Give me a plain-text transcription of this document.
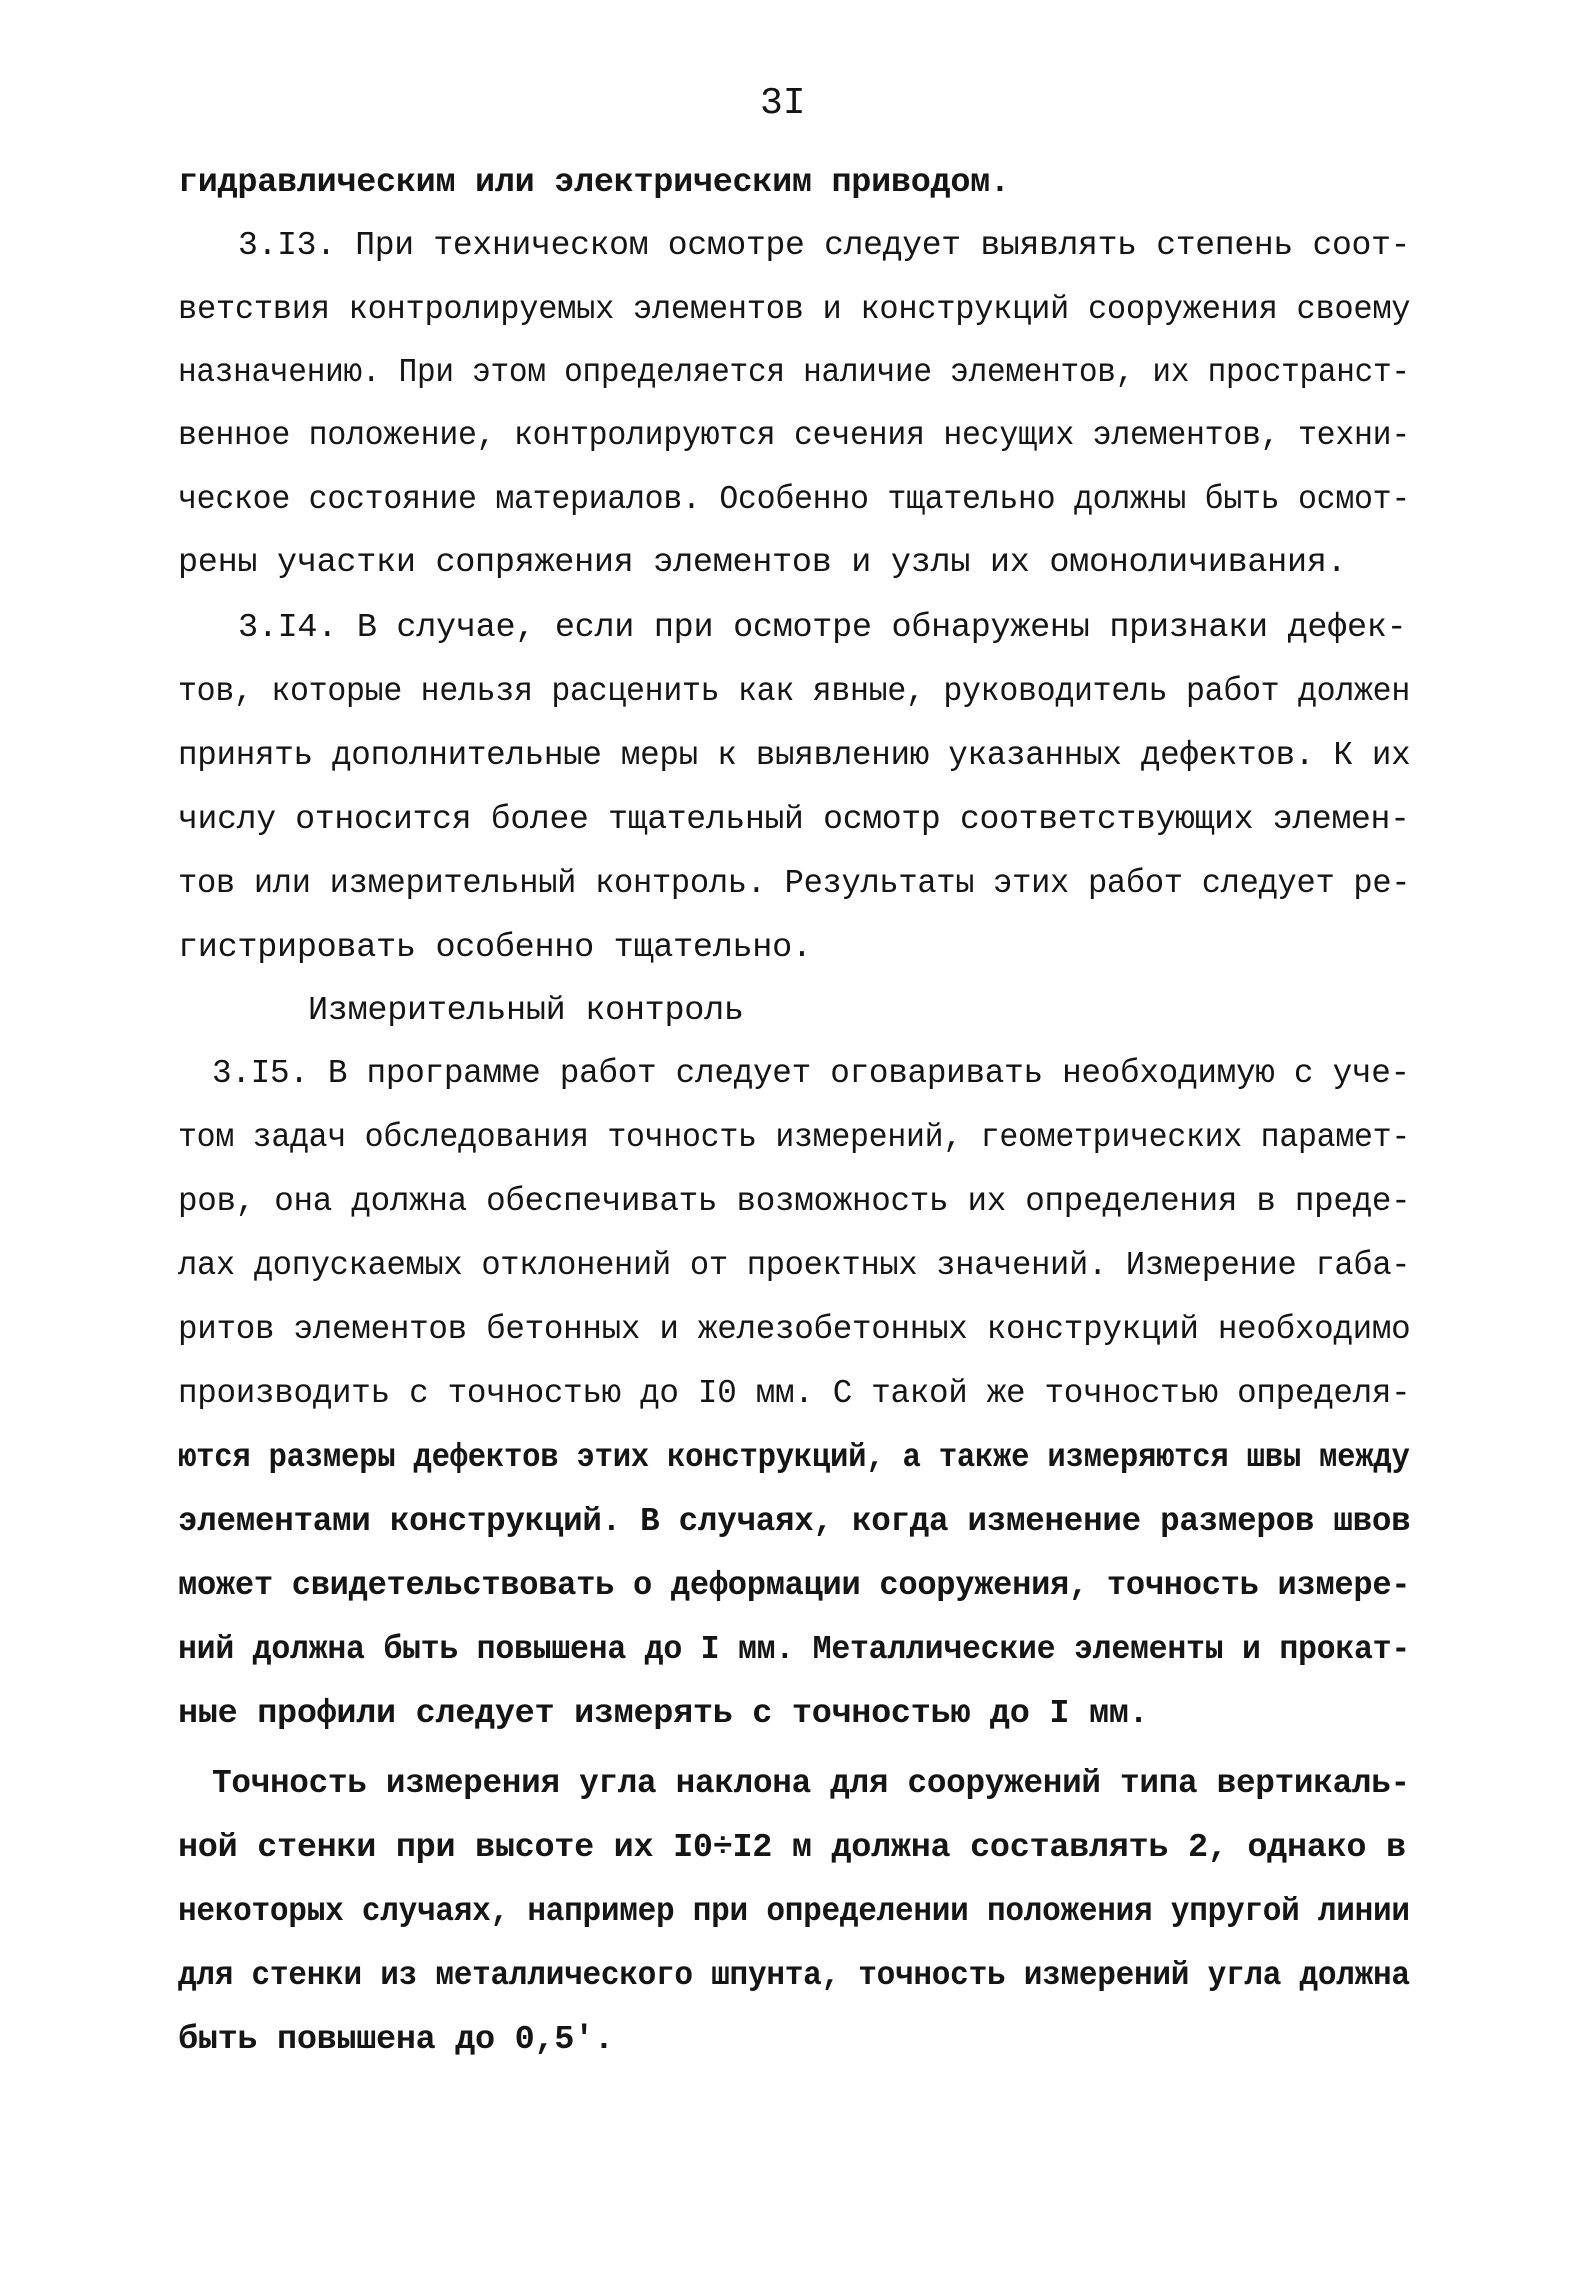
3I
гидравлическим или электрическим приводом.
3.I3. При техническом осмотре следует выявлять степень соот-
ветствия контролируемых элементов и конструкций сооружения своему
назначению. При этом определяется наличие элементов, их пространст-
венное положение, контролируются сечения несущих элементов, техни-
ческое состояние материалов. Особенно тщательно должны быть осмот-
рены участки сопряжения элементов и узлы их омоноличивания.
3.I4. В случае, если при осмотре обнаружены признаки дефек-
тов, которые нельзя расценить как явные, руководитель работ должен
принять дополнительные меры к выявлению указанных дефектов. К их
числу относится более тщательный осмотр соответствующих элемен-
тов или измерительный контроль. Результаты этих работ следует ре-
гистрировать особенно тщательно.
Измерительный контроль
3.I5. В программе работ следует оговаривать необходимую с уче-
том задач обследования точность измерений, геометрических парамет-
ров, она должна обеспечивать возможность их определения в преде-
лах допускаемых отклонений от проектных значений. Измерение габа-
ритов элементов бетонных и железобетонных конструкций необходимо
производить с точностью до I0 мм. С такой же точностью определя-
ются размеры дефектов этих конструкций, а также измеряются швы между
элементами конструкций. В случаях, когда изменение размеров швов
может свидетельствовать о деформации сооружения, точность измере-
ний должна быть повышена до I мм. Металлические элементы и прокат-
ные профили следует измерять с точностью до I мм.
Точность измерения угла наклона для сооружений типа вертикаль-
ной стенки при высоте их I0÷I2 м должна составлять 2, однако в
некоторых случаях, например при определении положения упругой линии
для стенки из металлического шпунта, точность измерений угла должна
быть повышена до 0,5'.
